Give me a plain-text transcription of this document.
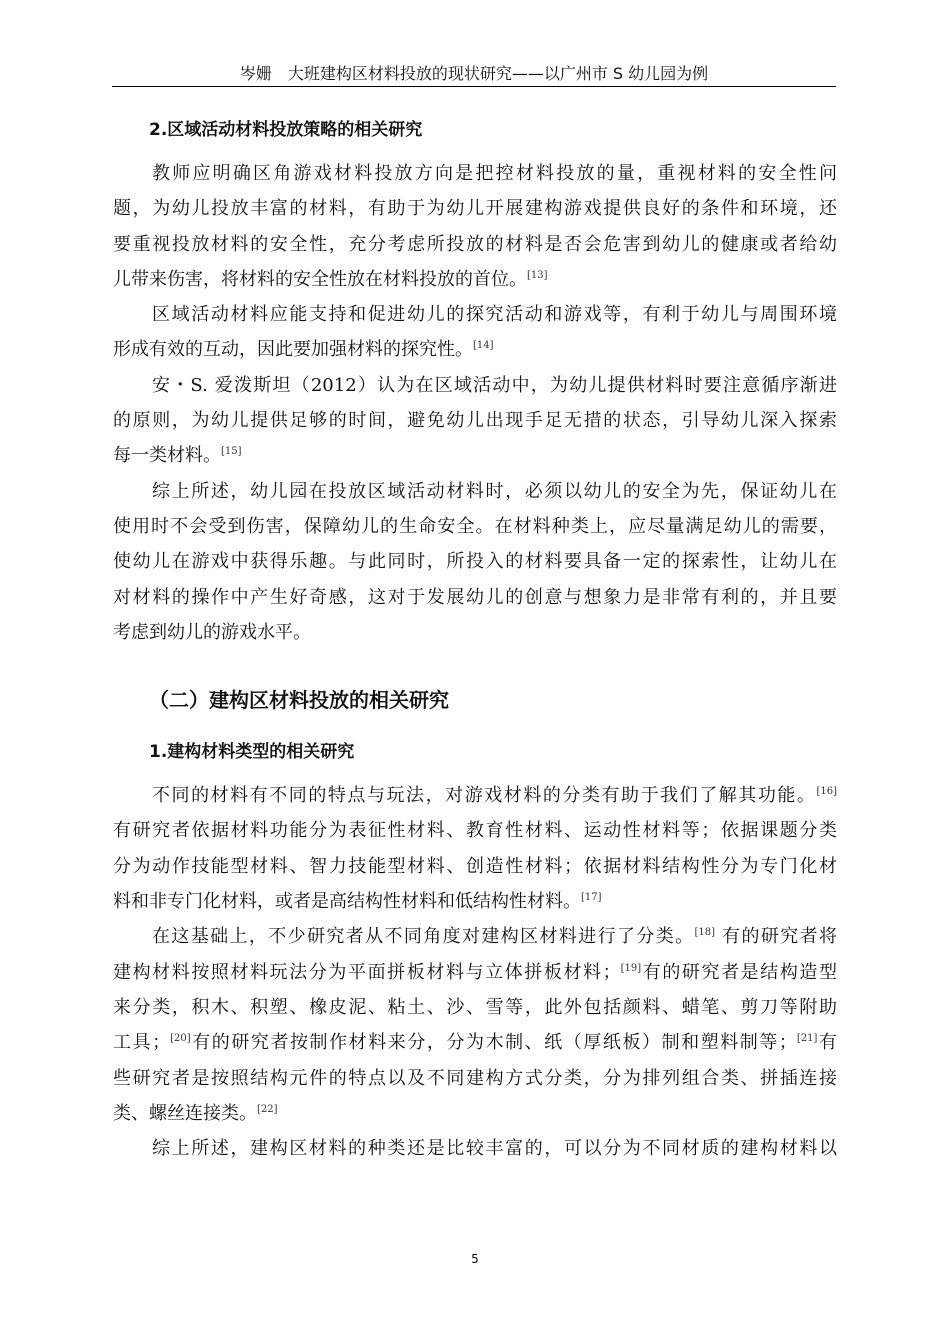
岑姗　大班建构区材料投放的现状研究——以广州市 S 幼儿园为例
2.区域活动材料投放策略的相关研究

教师应明确区角游戏材料投放方向是把控材料投放的量，重视材料的安全性问
题，为幼儿投放丰富的材料，有助于为幼儿开展建构游戏提供良好的条件和环境，还
要重视投放材料的安全性，充分考虑所投放的材料是否会危害到幼儿的健康或者给幼
儿带来伤害，将材料的安全性放在材料投放的首位。[13]

区域活动材料应能支持和促进幼儿的探究活动和游戏等，有利于幼儿与周围环境
形成有效的互动，因此要加强材料的探究性。[14]

安・S. 爱泼斯坦（2012）认为在区域活动中，为幼儿提供材料时要注意循序渐进
的原则，为幼儿提供足够的时间，避免幼儿出现手足无措的状态，引导幼儿深入探索
每一类材料。[15]

综上所述，幼儿园在投放区域活动材料时，必须以幼儿的安全为先，保证幼儿在
使用时不会受到伤害，保障幼儿的生命安全。在材料种类上，应尽量满足幼儿的需要，
使幼儿在游戏中获得乐趣。与此同时，所投入的材料要具备一定的探索性，让幼儿在
对材料的操作中产生好奇感，这对于发展幼儿的创意与想象力是非常有利的，并且要
考虑到幼儿的游戏水平。

（二）建构区材料投放的相关研究
1.建构材料类型的相关研究

不同的材料有不同的特点与玩法，对游戏材料的分类有助于我们了解其功能。[16]
有研究者依据材料功能分为表征性材料、教育性材料、运动性材料等；依据课题分类
分为动作技能型材料、智力技能型材料、创造性材料；依据材料结构性分为专门化材
料和非专门化材料，或者是高结构性材料和低结构性材料。[17]

在这基础上，不少研究者从不同角度对建构区材料进行了分类。[18] 有的研究者将
建构材料按照材料玩法分为平面拼板材料与立体拼板材料；[19]有的研究者是结构造型
来分类，积木、积塑、橡皮泥、粘土、沙、雪等，此外包括颜料、蜡笔、剪刀等附助
工具；[20]有的研究者按制作材料来分，分为木制、纸（厚纸板）制和塑料制等；[21]有
些研究者是按照结构元件的特点以及不同建构方式分类，分为排列组合类、拼插连接
类、螺丝连接类。[22]

综上所述，建构区材料的种类还是比较丰富的，可以分为不同材质的建构材料以

5
